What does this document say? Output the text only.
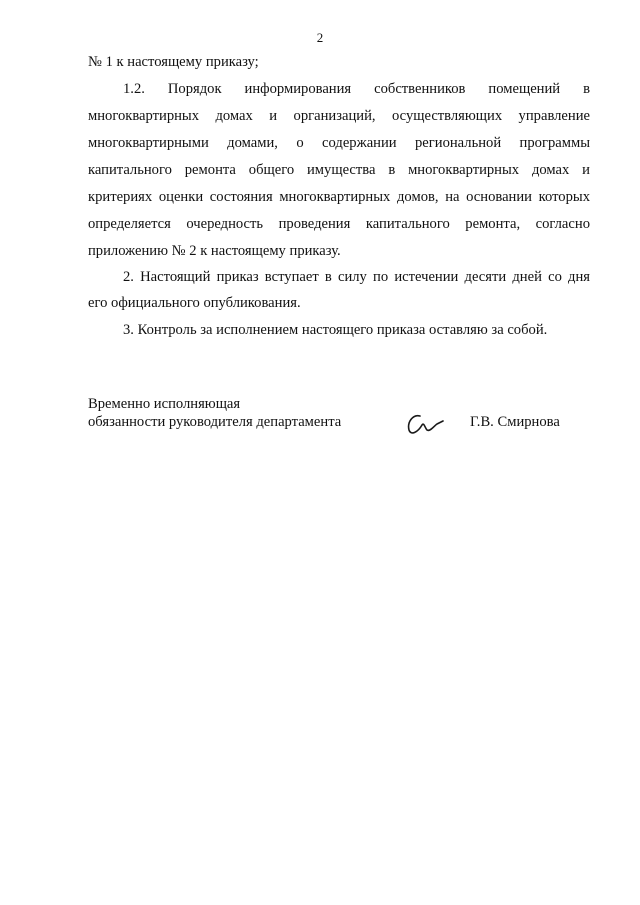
2
№ 1 к настоящему приказу;
1.2. Порядок информирования собственников помещений в
многоквартирных домах и организаций, осуществляющих управление
многоквартирными домами, о содержании региональной программы
капитального ремонта общего имущества в многоквартирных домах и
критериях оценки состояния многоквартирных домов, на основании которых
определяется очередность проведения капитального ремонта, согласно
приложению № 2 к настоящему приказу.
2. Настоящий приказ вступает в силу по истечении десяти дней со дня
его официального опубликования.
3. Контроль за исполнением настоящего приказа оставляю за собой.
Временно исполняющая
обязанности руководителя департамента	Г.В. Смирнова
